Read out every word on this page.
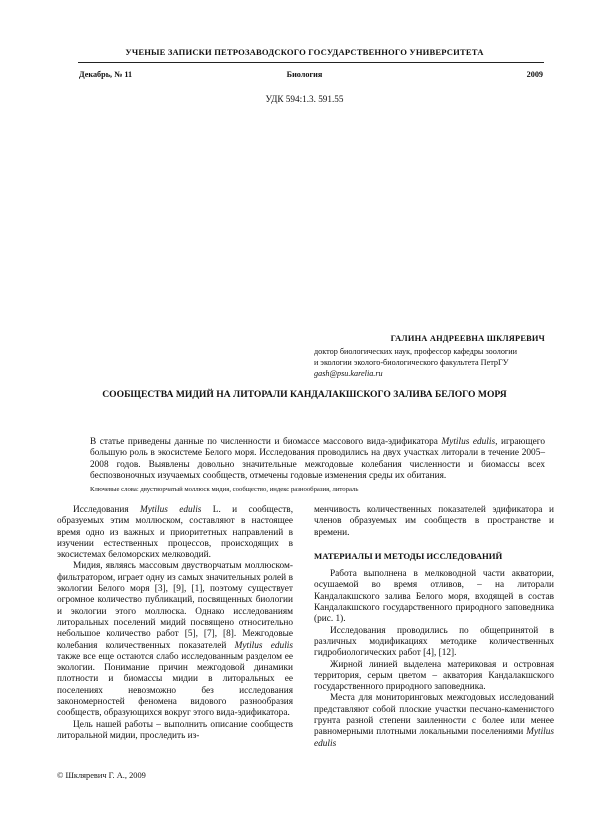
УЧЕНЫЕ ЗАПИСКИ ПЕТРОЗАВОДСКОГО ГОСУДАРСТВЕННОГО УНИВЕРСИТЕТА
Декабрь, № 11	Биология	2009
УДК 594:1.3. 591.55
ГАЛИНА АНДРЕЕВНА ШКЛЯРЕВИЧ
доктор биологических наук, профессор кафедры зоологии
и экологии эколого-биологического факультета ПетрГУ
gash@psu.karelia.ru
СООБЩЕСТВА МИДИЙ НА ЛИТОРАЛИ КАНДАЛАКШСКОГО ЗАЛИВА БЕЛОГО МОРЯ
В статье приведены данные по численности и биомассе массового вида-эдификатора Mytilus edulis, играющего большую роль в экосистеме Белого моря. Исследования проводились на двух участках литорали в течение 2005–2008 годов. Выявлены довольно значительные межгодовые колебания численности и биомассы всех беспозвоночных изучаемых сообществ, отмечены годовые изменения среды их обитания.
Ключевые слова: двустворчатый моллюск мидия, сообщество, индекс разнообразия, литораль

Исследования Mytilus edulis L. и сообществ, образуемых этим моллюском, составляют в настоящее время одно из важных и приоритетных направлений в изучении естественных процессов, происходящих в экосистемах беломорских мелководий.

Мидия, являясь массовым двустворчатым моллюском-фильтратором, играет одну из самых значительных ролей в экологии Белого моря [3], [9], [1], поэтому существует огромное количество публикаций, посвященных биологии и экологии этого моллюска. Однако исследованиям литоральных поселений мидий посвящено относительно небольшое количество работ [5], [7], [8]. Межгодовые колебания количественных показателей Mytilus edulis также все еще остаются слабо исследованным разделом ее экологии. Понимание причин межгодовой динамики плотности и биомассы мидии в литоральных ее поселениях невозможно без исследования закономерностей феномена видового разнообразия сообществ, образующихся вокруг этого вида-эдификатора.

Цель нашей работы – выполнить описание сообществ литоральной мидии, проследить из-

менчивость количественных показателей эдификатора и членов образуемых им сообществ в пространстве и времени.

МАТЕРИАЛЫ И МЕТОДЫ ИССЛЕДОВАНИЙ

Работа выполнена в мелководной части акватории, осушаемой во время отливов, – на литорали Кандалакшского залива Белого моря, входящей в состав Кандалакшского государственного природного заповедника (рис. 1).

Исследования проводились по общепринятой в различных модификациях методике количественных гидробиологических работ [4], [12].

Жирной линией выделена материковая и островная территория, серым цветом – акватория Кандалакшского государственного природного заповедника.

Места для мониторинговых межгодовых исследований представляют собой плоские участки песчано-каменистого грунта разной степени заиленности с более или менее равномерными плотными локальными поселениями Mytilus edulis

© Шкляревич Г. А., 2009
